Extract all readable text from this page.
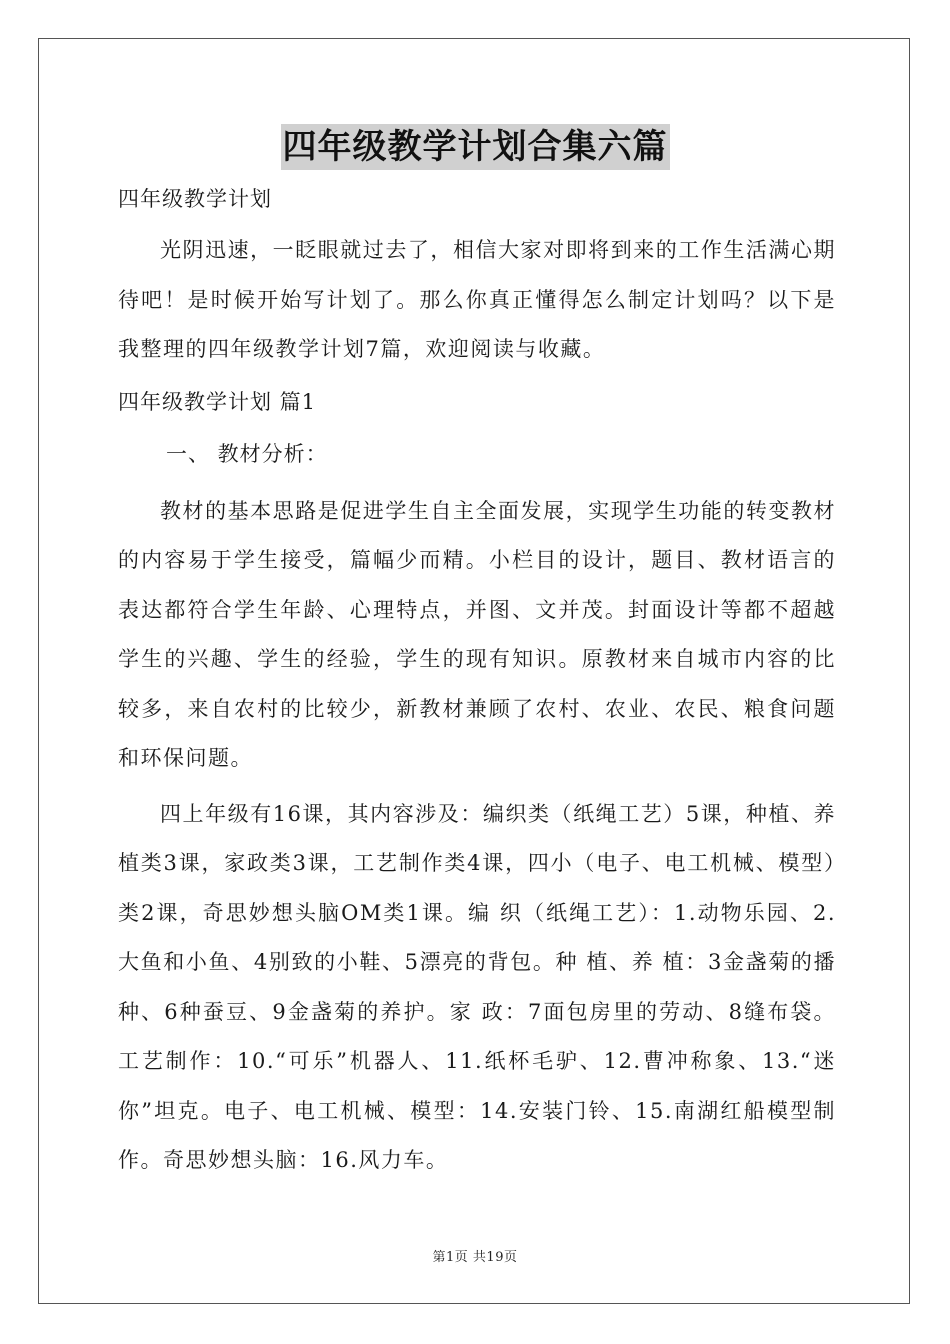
四年级教学计划合集六篇

四年级教学计划

光阴迅速，一眨眼就过去了，相信大家对即将到来的工作生活满心期待吧！是时候开始写计划了。那么你真正懂得怎么制定计划吗？以下是我整理的四年级教学计划7篇，欢迎阅读与收藏。

四年级教学计划 篇1

一、 教材分析：

教材的基本思路是促进学生自主全面发展，实现学生功能的转变教材的内容易于学生接受，篇幅少而精。小栏目的设计，题目、教材语言的表达都符合学生年龄、心理特点，并图、文并茂。封面设计等都不超越学生的兴趣、学生的经验，学生的现有知识。原教材来自城市内容的比较多，来自农村的比较少，新教材兼顾了农村、农业、农民、粮食问题和环保问题。

四上年级有16课，其内容涉及：编织类（纸绳工艺）5课，种植、养植类3课，家政类3课，工艺制作类4课，四小（电子、电工机械、模型）类2课，奇思妙想头脑OM类1课。编 织（纸绳工艺）：1.动物乐园、2.大鱼和小鱼、4别致的小鞋、5漂亮的背包。种 植、养 植：3金盏菊的播种、6种蚕豆、9金盏菊的养护。家 政：7面包房里的劳动、8缝布袋。工艺制作：10.“可乐”机器人、11.纸杯毛驴、12.曹冲称象、13.“迷你”坦克。电子、电工机械、模型：14.安装门铃、15.南湖红船模型制作。奇思妙想头脑：16.风力车。

第1页 共19页
